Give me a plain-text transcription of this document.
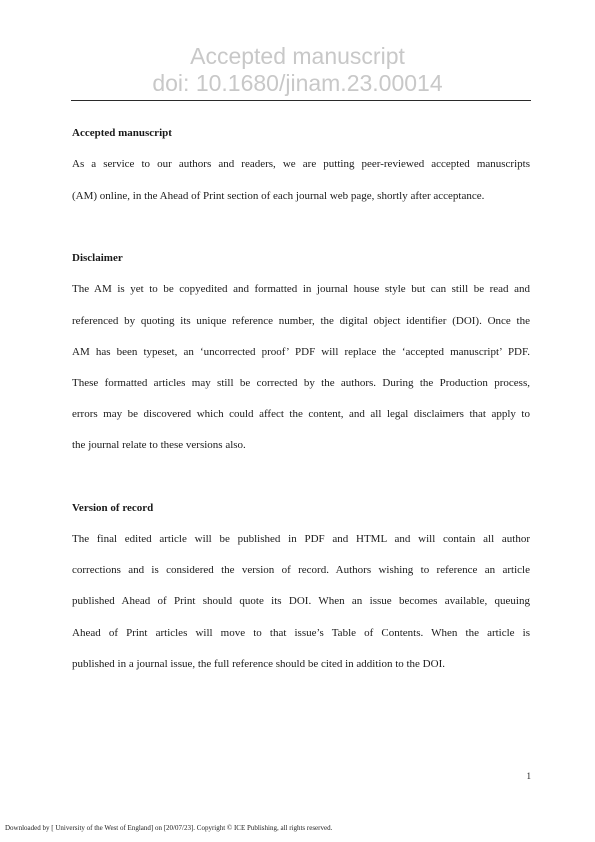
Accepted manuscript
doi: 10.1680/jinam.23.00014
Accepted manuscript
As a service to our authors and readers, we are putting peer-reviewed accepted manuscripts
(AM) online, in the Ahead of Print section of each journal web page, shortly after acceptance.
Disclaimer
The AM is yet to be copyedited and formatted in journal house style but can still be read and
referenced by quoting its unique reference number, the digital object identifier (DOI). Once the
AM has been typeset, an ‘uncorrected proof’ PDF will replace the ‘accepted manuscript’ PDF.
These formatted articles may still be corrected by the authors. During the Production process,
errors may be discovered which could affect the content, and all legal disclaimers that apply to
the journal relate to these versions also.
Version of record
The final edited article will be published in PDF and HTML and will contain all author
corrections and is considered the version of record. Authors wishing to reference an article
published Ahead of Print should quote its DOI. When an issue becomes available, queuing
Ahead of Print articles will move to that issue’s Table of Contents. When the article is
published in a journal issue, the full reference should be cited in addition to the DOI.
1
Downloaded by [ University of the West of England] on [20/07/23]. Copyright © ICE Publishing, all rights reserved.
